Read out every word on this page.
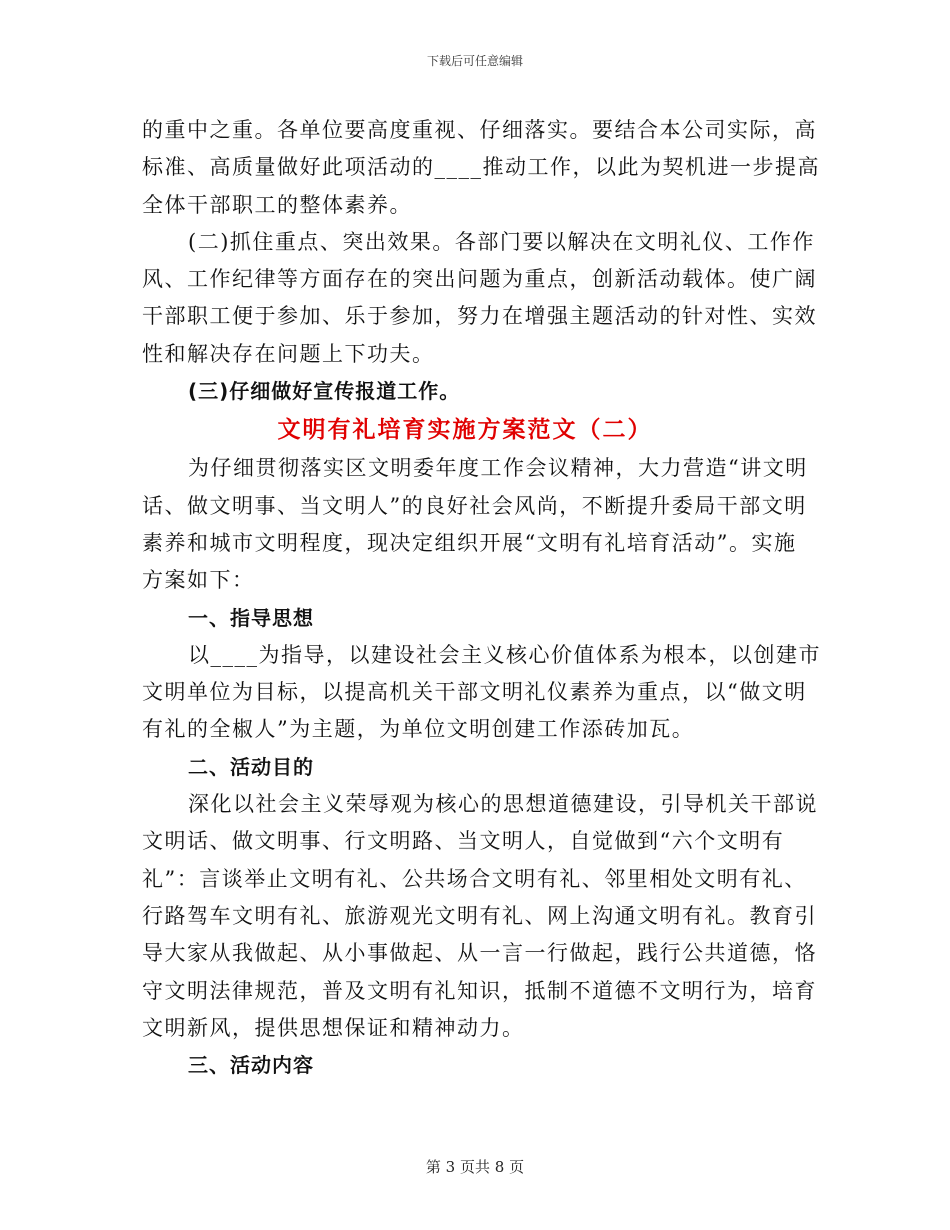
下载后可任意编辑
的重中之重。各单位要高度重视、仔细落实。要结合本公司实际，高
标准、高质量做好此项活动的____推动工作，以此为契机进一步提高
全体干部职工的整体素养。
(二)抓住重点、突出效果。各部门要以解决在文明礼仪、工作作
风、工作纪律等方面存在的突出问题为重点，创新活动载体。使广阔
干部职工便于参加、乐于参加，努力在增强主题活动的针对性、实效
性和解决存在问题上下功夫。
(三)仔细做好宣传报道工作。
文明有礼培育实施方案范文（二）
为仔细贯彻落实区文明委年度工作会议精神，大力营造“讲文明
话、做文明事、当文明人”的良好社会风尚，不断提升委局干部文明
素养和城市文明程度，现决定组织开展“文明有礼培育活动”。实施
方案如下：
一、指导思想
以____为指导，以建设社会主义核心价值体系为根本，以创建市
文明单位为目标，以提高机关干部文明礼仪素养为重点，以“做文明
有礼的全椒人”为主题，为单位文明创建工作添砖加瓦。
二、活动目的
深化以社会主义荣辱观为核心的思想道德建设，引导机关干部说
文明话、做文明事、行文明路、当文明人，自觉做到“六个文明有
礼”：言谈举止文明有礼、公共场合文明有礼、邻里相处文明有礼、
行路驾车文明有礼、旅游观光文明有礼、网上沟通文明有礼。教育引
导大家从我做起、从小事做起、从一言一行做起，践行公共道德，恪
守文明法律规范，普及文明有礼知识，抵制不道德不文明行为，培育
文明新风，提供思想保证和精神动力。
三、活动内容
第 3 页共 8 页
